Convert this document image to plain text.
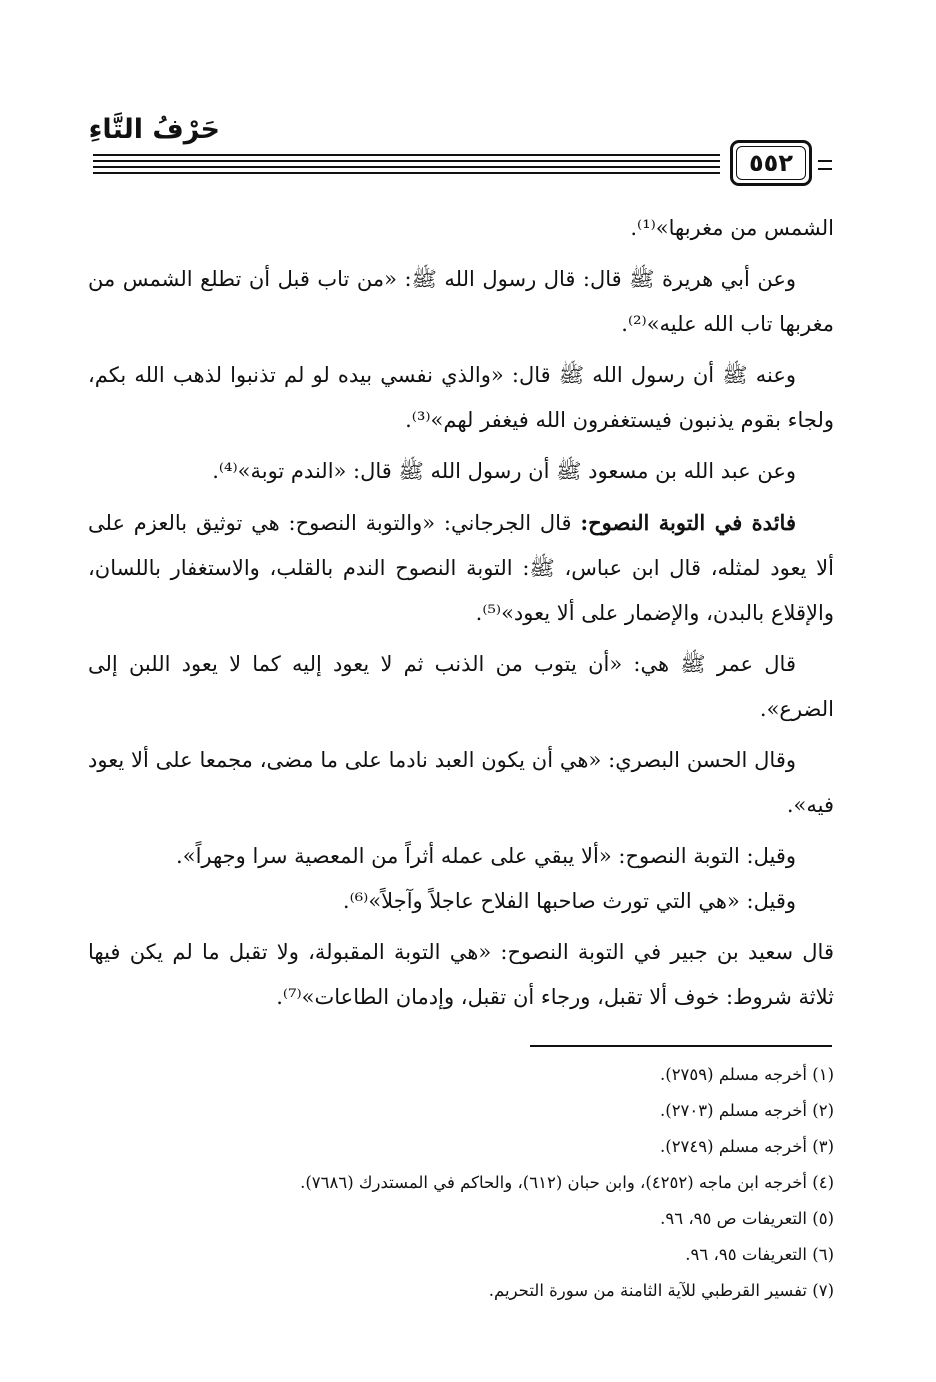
حَرْفُ التَّاءِ
٥٥٢

الشمس من مغربها»⁽¹⁾.

وعن أبي هريرة ﷺ قال: قال رسول الله ﷺ: «من تاب قبل أن تطلع الشمس من مغربها تاب الله عليه»⁽²⁾.

وعنه ﷺ أن رسول الله ﷺ قال: «والذي نفسي بيده لو لم تذنبوا لذهب الله بكم، ولجاء بقوم يذنبون فيستغفرون الله فيغفر لهم»⁽³⁾.

وعن عبد الله بن مسعود ﷺ أن رسول الله ﷺ قال: «الندم توبة»⁽⁴⁾.

فائدة في التوبة النصوح: قال الجرجاني: «والتوبة النصوح: هي توثيق بالعزم على ألا يعود لمثله، قال ابن عباس، ﷺ: التوبة النصوح الندم بالقلب، والاستغفار باللسان، والإقلاع بالبدن، والإضمار على ألا يعود»⁽⁵⁾.

قال عمر ﷺ هي: «أن يتوب من الذنب ثم لا يعود إليه كما لا يعود اللبن إلى الضرع».

وقال الحسن البصري: «هي أن يكون العبد نادما على ما مضى، مجمعا على ألا يعود فيه».

وقيل: التوبة النصوح: «ألا يبقي على عمله أثراً من المعصية سرا وجهراً».

وقيل: «هي التي تورث صاحبها الفلاح عاجلاً وآجلاً»⁽⁶⁾.

قال سعيد بن جبير في التوبة النصوح: «هي التوبة المقبولة، ولا تقبل ما لم يكن فيها ثلاثة شروط: خوف ألا تقبل، ورجاء أن تقبل، وإدمان الطاعات»⁽⁷⁾.

(١) أخرجه مسلم (٢٧٥٩).

(٢) أخرجه مسلم (٢٧٠٣).

(٣) أخرجه مسلم (٢٧٤٩).

(٤) أخرجه ابن ماجه (٤٢٥٢)، وابن حبان (٦١٢)، والحاكم في المستدرك (٧٦٨٦).

(٥) التعريفات ص ٩٥، ٩٦.

(٦) التعريفات ٩٥، ٩٦.

(٧) تفسير القرطبي للآية الثامنة من سورة التحريم.
